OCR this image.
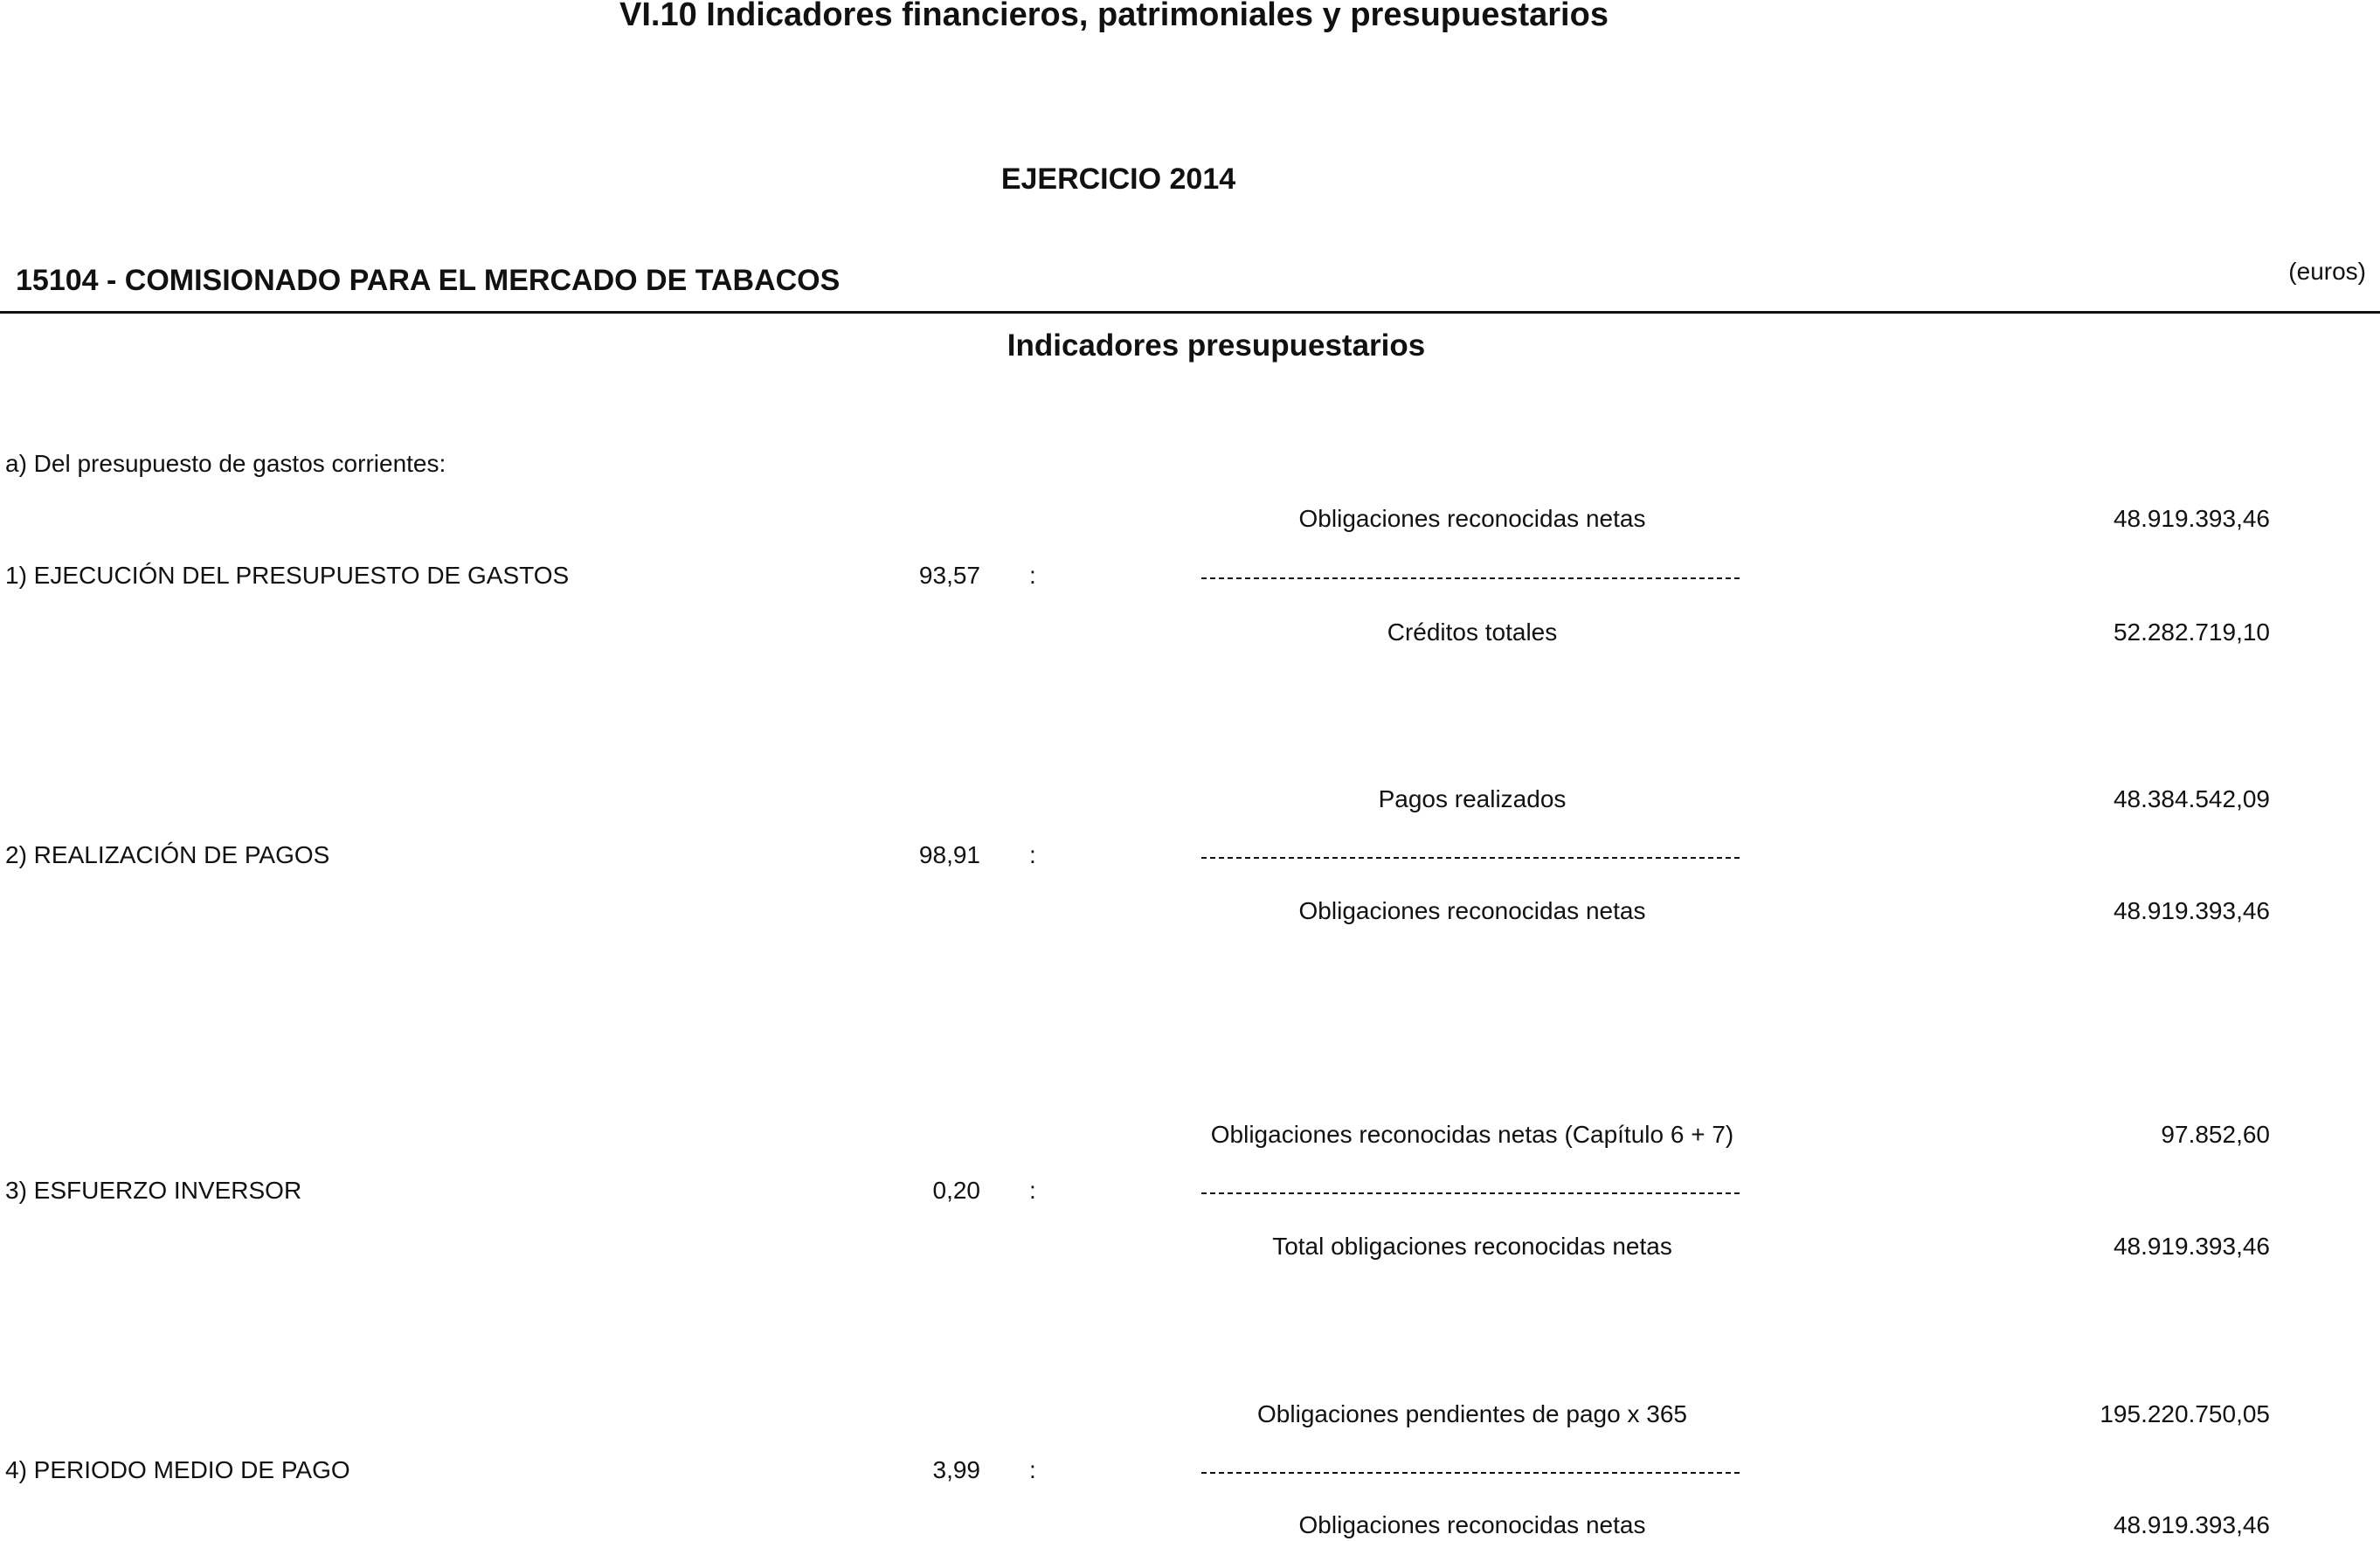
VI.10 Indicadores financieros, patrimoniales y presupuestarios
EJERCICIO 2014
15104 - COMISIONADO PARA EL MERCADO DE TABACOS	(euros)
Indicadores presupuestarios
a) Del presupuesto de gastos corrientes:
Obligaciones reconocidas netas	48.919.393,46
1) EJECUCIÓN DEL PRESUPUESTO DE GASTOS	93,57 :
Créditos totales	52.282.719,10
Pagos realizados	48.384.542,09
2) REALIZACIÓN DE PAGOS	98,91 :
Obligaciones reconocidas netas	48.919.393,46
Obligaciones reconocidas netas (Capítulo 6 + 7)	97.852,60
3) ESFUERZO INVERSOR	0,20 :
Total obligaciones reconocidas netas	48.919.393,46
Obligaciones pendientes de pago x 365	195.220.750,05
4) PERIODO MEDIO DE PAGO	3,99 :
Obligaciones reconocidas netas	48.919.393,46
